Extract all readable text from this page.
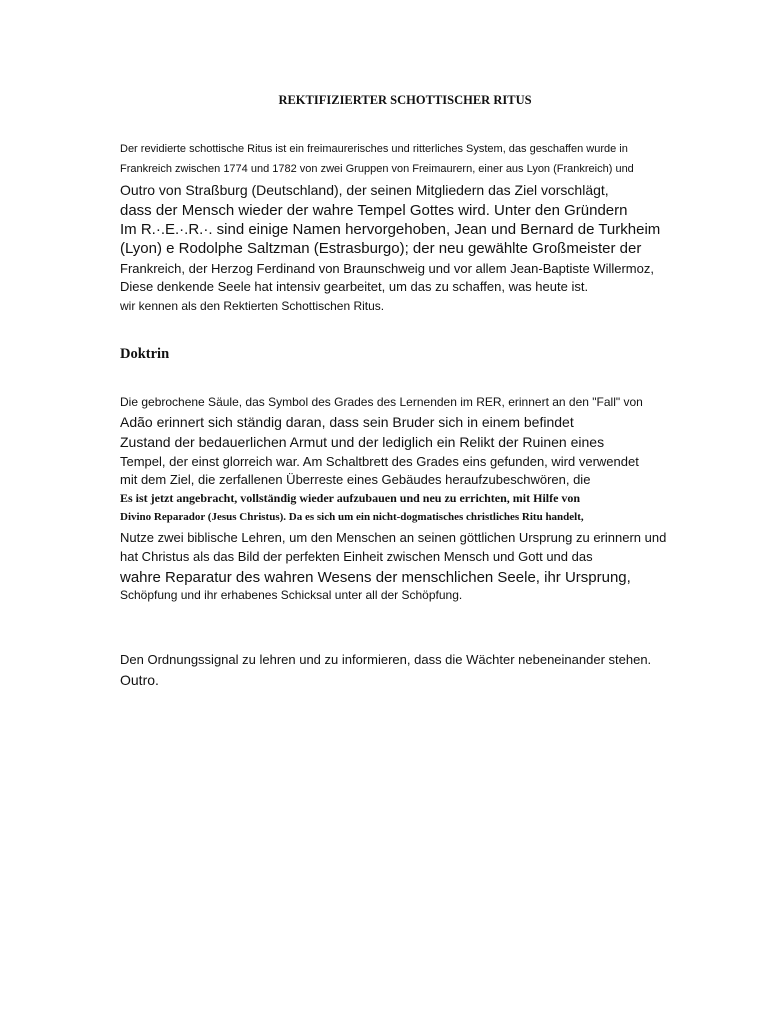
REKTIFIZIERTER SCHOTTISCHER RITUS

Der revidierte schottische Ritus ist ein freimaurerisches und ritterliches System, das geschaffen wurde in

Frankreich zwischen 1774 und 1782 von zwei Gruppen von Freimaurern, einer aus Lyon (Frankreich) und

Outro von Straßburg (Deutschland), der seinen Mitgliedern das Ziel vorschlägt,

dass der Mensch wieder der wahre Tempel Gottes wird. Unter den Gründern

Im R.·.E.·.R.·. sind einige Namen hervorgehoben, Jean und Bernard de Turkheim

(Lyon) e Rodolphe Saltzman (Estrasburgo); der neu gewählte Großmeister der

Frankreich, der Herzog Ferdinand von Braunschweig und vor allem Jean-Baptiste Willermoz,

Diese denkende Seele hat intensiv gearbeitet, um das zu schaffen, was heute ist.

wir kennen als den Rektierten Schottischen Ritus.

Doktrin

Die gebrochene Säule, das Symbol des Grades des Lernenden im RER, erinnert an den "Fall" von

Adão erinnert sich ständig daran, dass sein Bruder sich in einem befindet

Zustand der bedauerlichen Armut und der lediglich ein Relikt der Ruinen eines

Tempel, der einst glorreich war. Am Schaltbrett des Grades eins gefunden, wird verwendet

mit dem Ziel, die zerfallenen Überreste eines Gebäudes heraufzubeschwören, die

Es ist jetzt angebracht, vollständig wieder aufzubauen und neu zu errichten, mit Hilfe von

Divino Reparador (Jesus Christus). Da es sich um ein nicht-dogmatisches christliches Ritu handelt,

Nutze zwei biblische Lehren, um den Menschen an seinen göttlichen Ursprung zu erinnern und

hat Christus als das Bild der perfekten Einheit zwischen Mensch und Gott und das

wahre Reparatur des wahren Wesens der menschlichen Seele, ihr Ursprung,

Schöpfung und ihr erhabenes Schicksal unter all der Schöpfung.

Den Ordnungssignal zu lehren und zu informieren, dass die Wächter nebeneinander stehen.

Outro.
